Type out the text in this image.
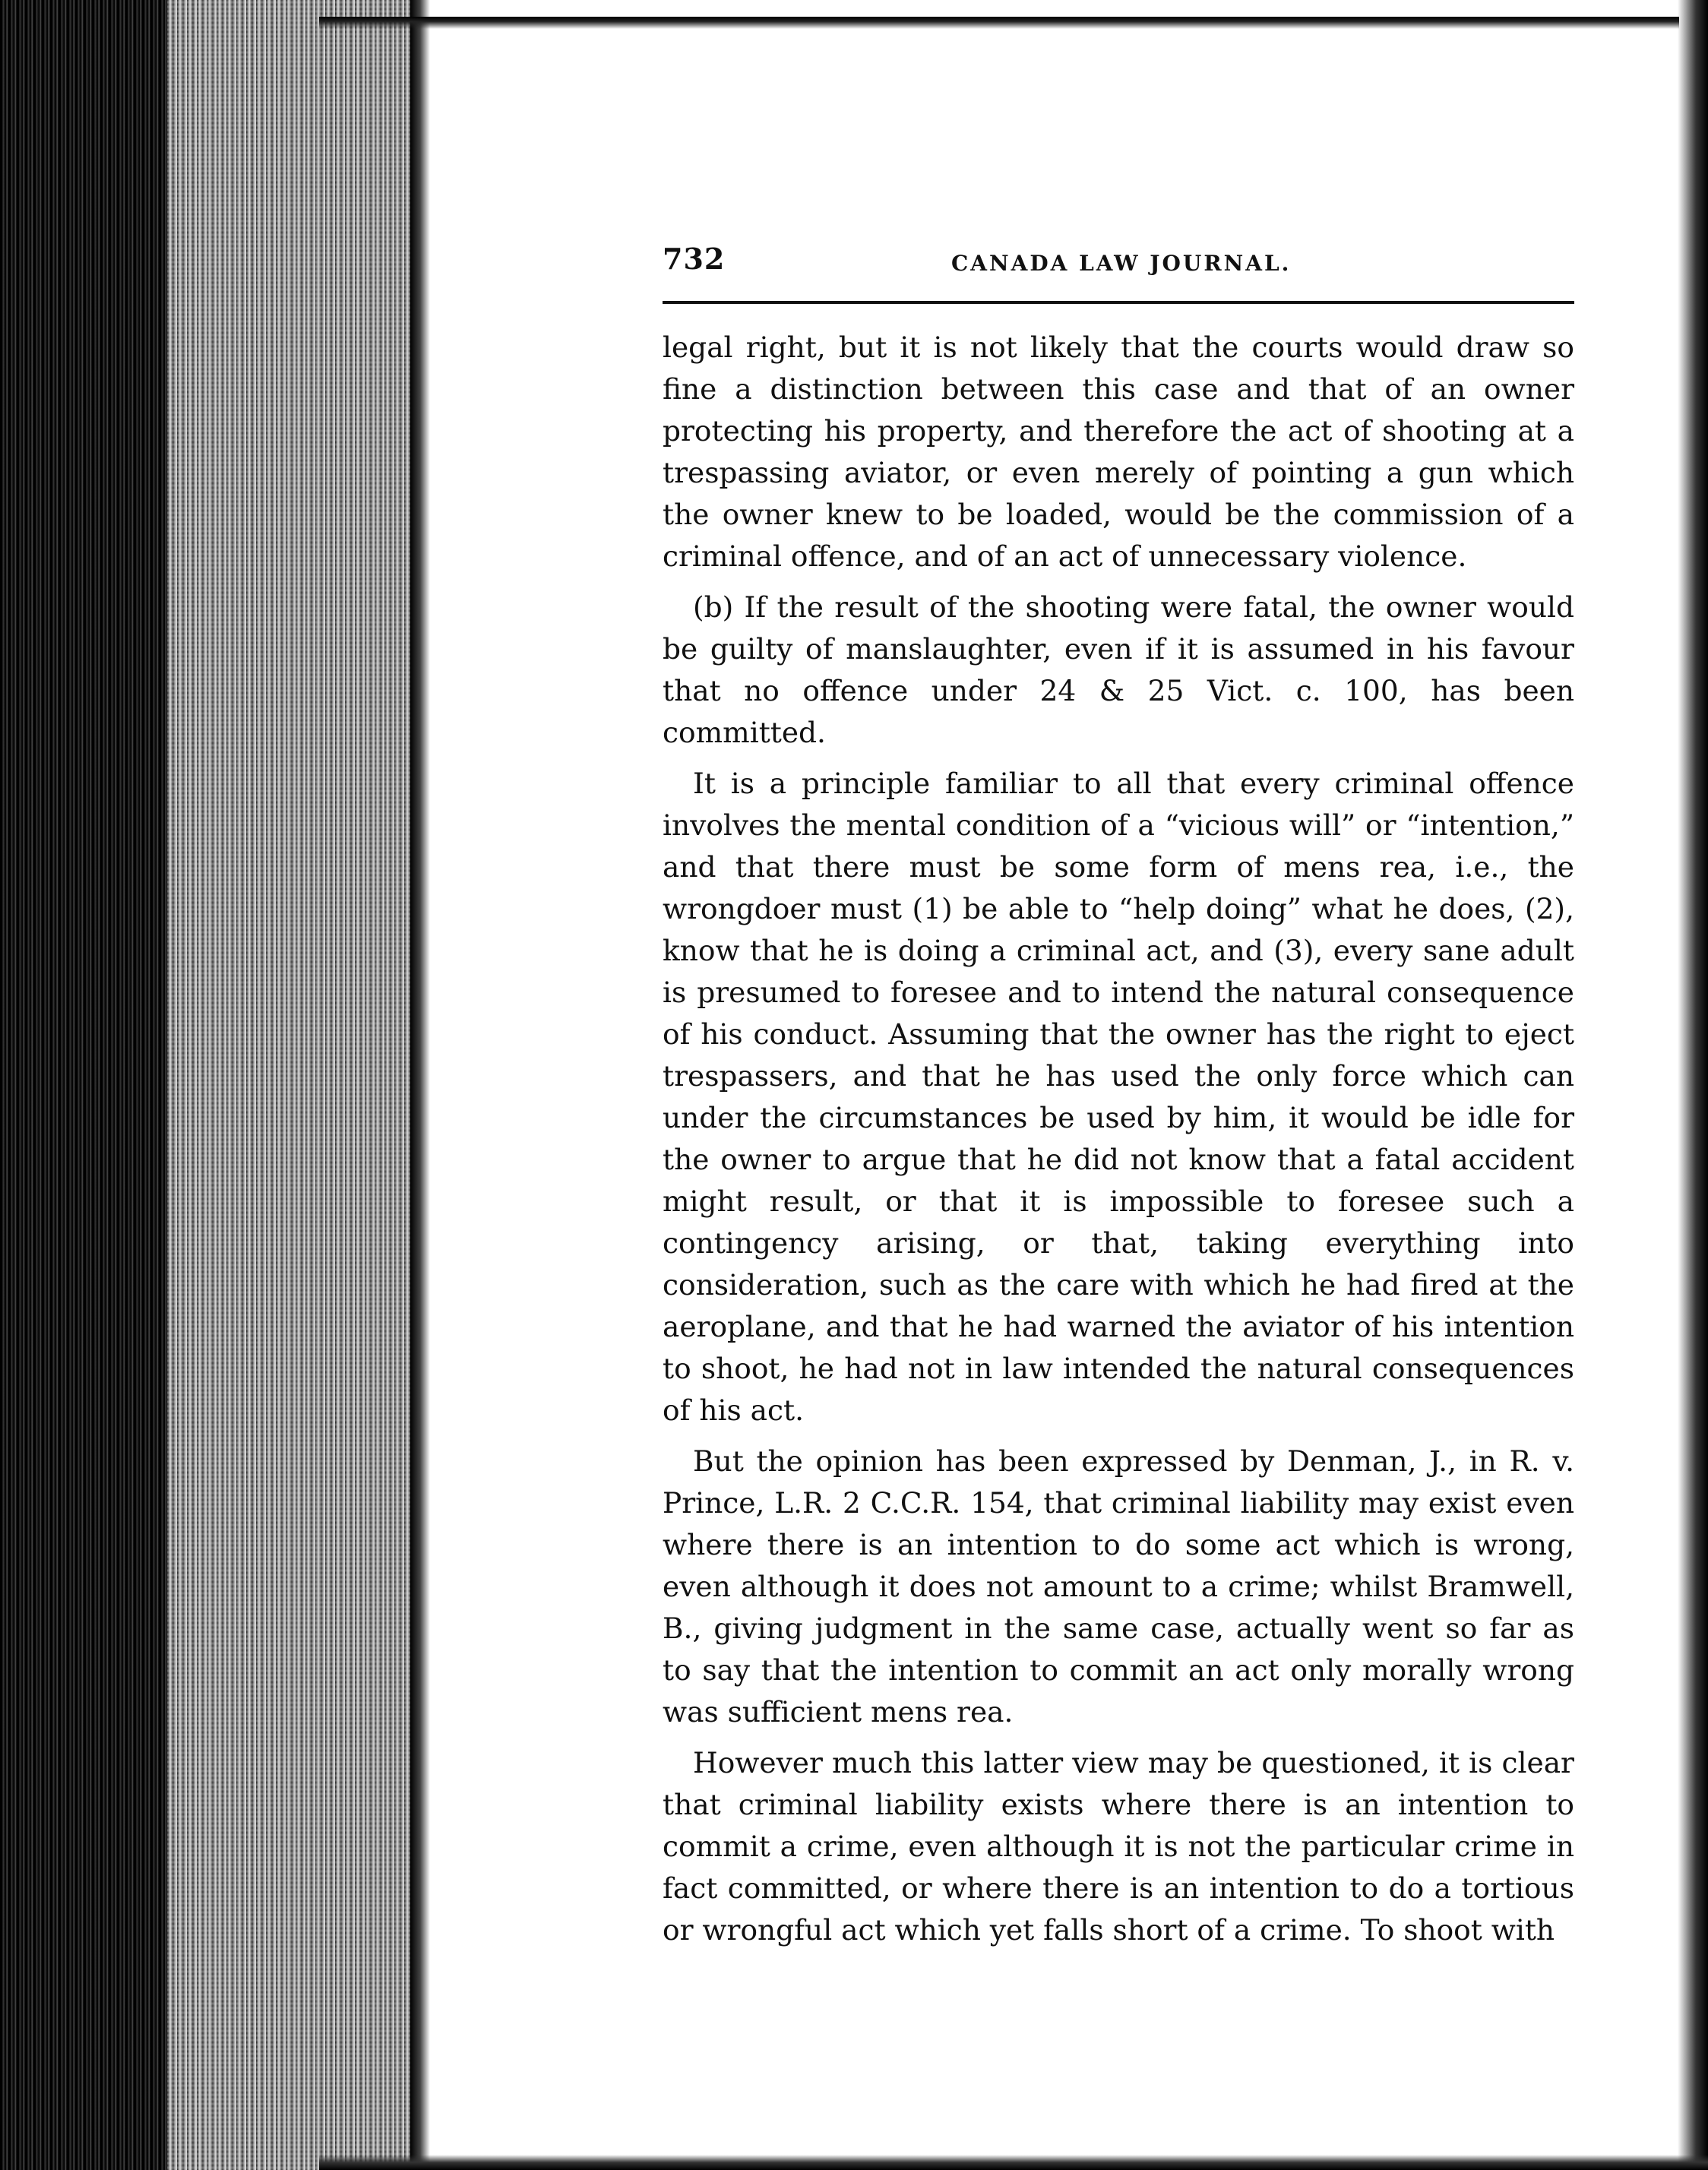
732	CANADA LAW JOURNAL.

legal right, but it is not likely that the courts would draw so fine a distinction between this case and that of an owner protecting his property, and therefore the act of shooting at a trespassing aviator, or even merely of pointing a gun which the owner knew to be loaded, would be the commission of a criminal offence, and of an act of unnecessary violence.

(b) If the result of the shooting were fatal, the owner would be guilty of manslaughter, even if it is assumed in his favour that no offence under 24 & 25 Vict. c. 100, has been committed.

It is a principle familiar to all that every criminal offence involves the mental condition of a “vicious will” or “intention,” and that there must be some form of mens rea, i.e., the wrongdoer must (1) be able to “help doing” what he does, (2), know that he is doing a criminal act, and (3), every sane adult is presumed to foresee and to intend the natural consequence of his conduct. Assuming that the owner has the right to eject trespassers, and that he has used the only force which can under the circumstances be used by him, it would be idle for the owner to argue that he did not know that a fatal accident might result, or that it is impossible to foresee such a contingency arising, or that, taking everything into consideration, such as the care with which he had fired at the aeroplane, and that he had warned the aviator of his intention to shoot, he had not in law intended the natural consequences of his act.

But the opinion has been expressed by Denman, J., in R. v. Prince, L.R. 2 C.C.R. 154, that criminal liability may exist even where there is an intention to do some act which is wrong, even although it does not amount to a crime; whilst Bramwell, B., giving judgment in the same case, actually went so far as to say that the intention to commit an act only morally wrong was sufficient mens rea.

However much this latter view may be questioned, it is clear that criminal liability exists where there is an intention to commit a crime, even although it is not the particular crime in fact committed, or where there is an intention to do a tortious or wrongful act which yet falls short of a crime. To shoot with
